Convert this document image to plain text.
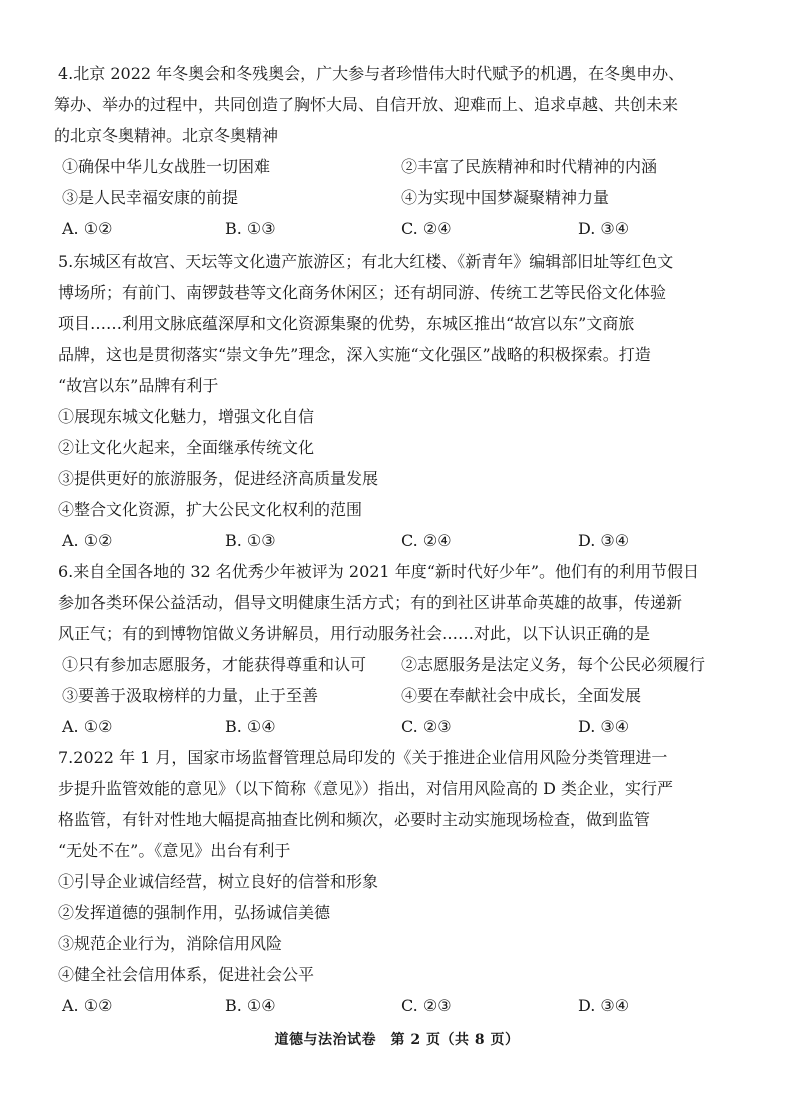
4.北京 2022 年冬奥会和冬残奥会，广大参与者珍惜伟大时代赋予的机遇，在冬奥申办、
筹办、举办的过程中，共同创造了胸怀大局、自信开放、迎难而上、追求卓越、共创未来
的北京冬奥精神。北京冬奥精神

①确保中华儿女战胜一切困难	②丰富了民族精神和时代精神的内涵
③是人民幸福安康的前提	④为实现中国梦凝聚精神力量
A. ①②	B. ①③	C. ②④	D. ③④

5.东城区有故宫、天坛等文化遗产旅游区；有北大红楼、《新青年》编辑部旧址等红色文
博场所；有前门、南锣鼓巷等文化商务休闲区；还有胡同游、传统工艺等民俗文化体验
项目……利用文脉底蕴深厚和文化资源集聚的优势，东城区推出“故宫以东”文商旅
品牌，这也是贯彻落实“崇文争先”理念，深入实施“文化强区”战略的积极探索。打造
“故宫以东”品牌有利于

①展现东城文化魅力，增强文化自信
②让文化火起来，全面继承传统文化
③提供更好的旅游服务，促进经济高质量发展
④整合文化资源，扩大公民文化权利的范围
A. ①②	B. ①③	C. ②④	D. ③④

6.来自全国各地的 32 名优秀少年被评为 2021 年度“新时代好少年”。他们有的利用节假日
参加各类环保公益活动，倡导文明健康生活方式；有的到社区讲革命英雄的故事，传递新
风正气；有的到博物馆做义务讲解员，用行动服务社会……对此，以下认识正确的是

①只有参加志愿服务，才能获得尊重和认可 ②志愿服务是法定义务，每个公民必须履行
③要善于汲取榜样的力量，止于至善	④要在奉献社会中成长，全面发展
A. ①②	B. ①④	C. ②③	D. ③④

7.2022 年 1 月，国家市场监督管理总局印发的《关于推进企业信用风险分类管理进一
步提升监管效能的意见》（以下简称《意见》）指出，对信用风险高的 D 类企业，实行严
格监管，有针对性地大幅提高抽查比例和频次，必要时主动实施现场检查，做到监管
“无处不在”。《意见》出台有利于

①引导企业诚信经营，树立良好的信誉和形象
②发挥道德的强制作用，弘扬诚信美德
③规范企业行为，消除信用风险
④健全社会信用体系，促进社会公平
A. ①②	B. ①④	C. ②③	D. ③④
道德与法治试卷　第 2 页（共 8 页）
